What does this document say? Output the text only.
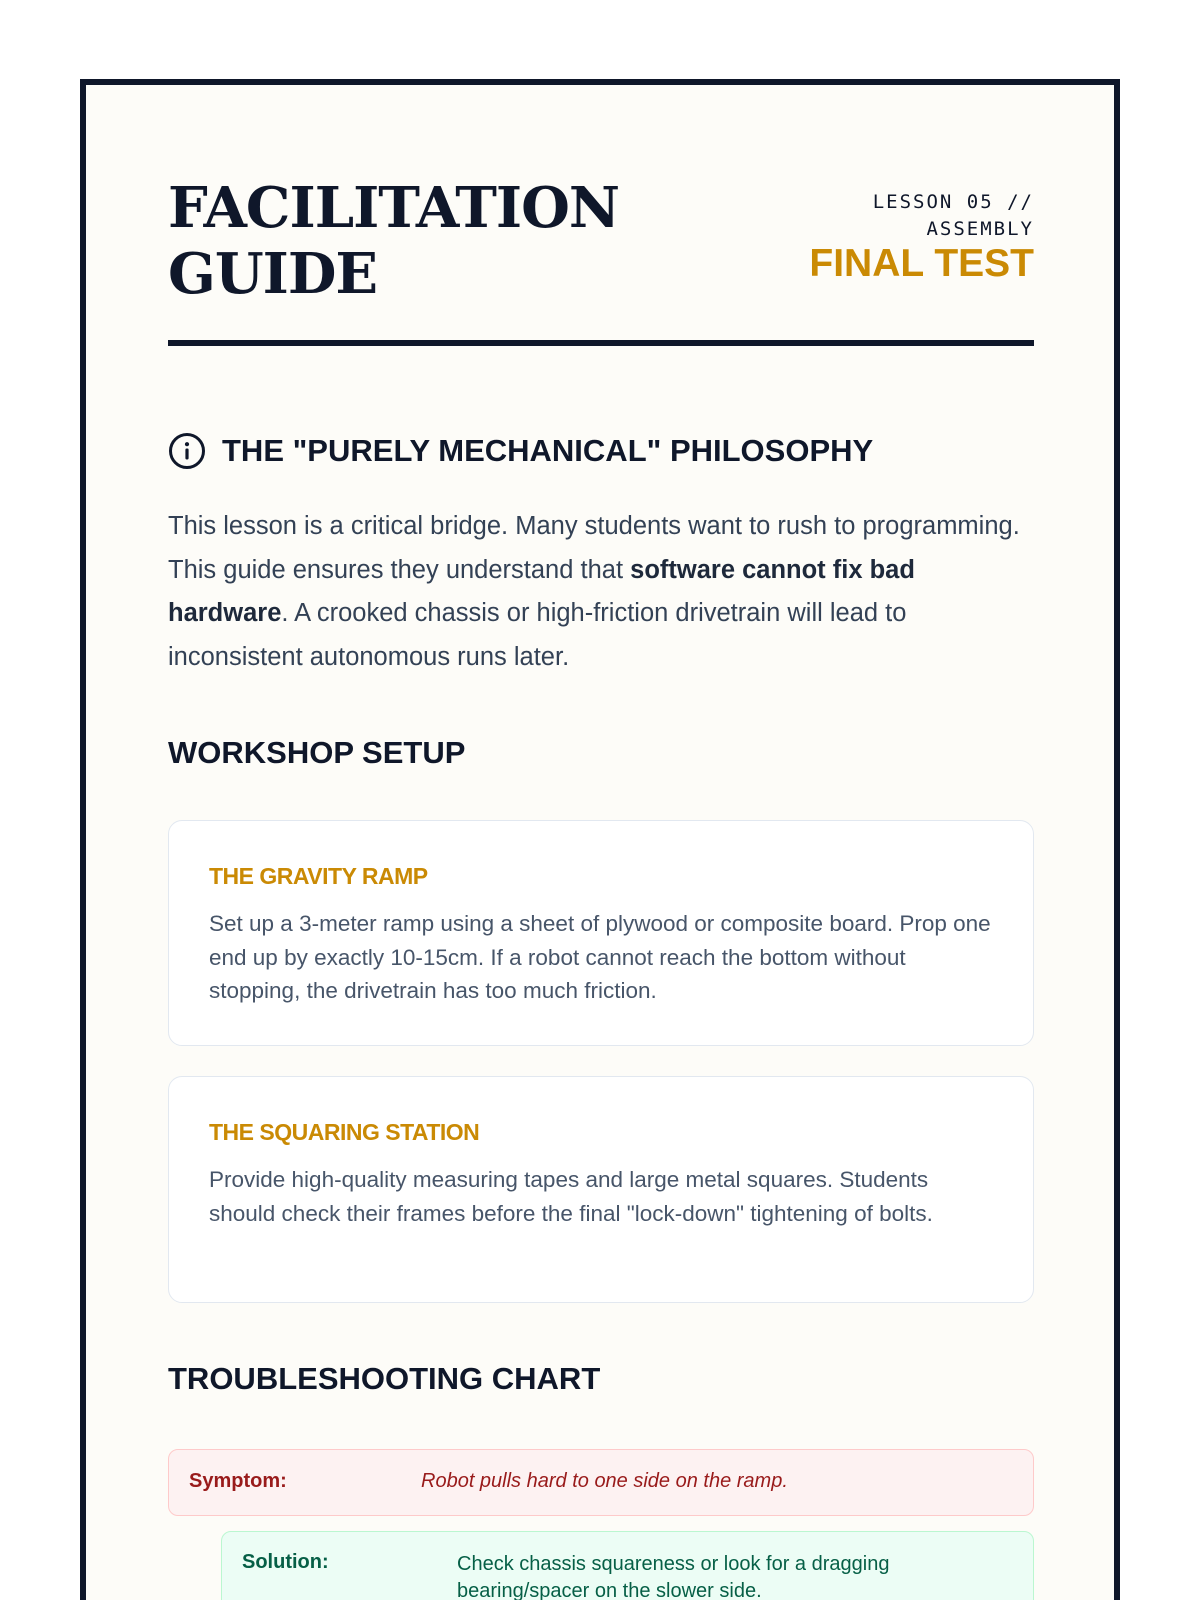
FACILITATION GUIDE
LESSON 05 // ASSEMBLY
FINAL TEST
THE "PURELY MECHANICAL" PHILOSOPHY

This lesson is a critical bridge. Many students want to rush to programming. This guide ensures they understand that software cannot fix bad hardware. A crooked chassis or high-friction drivetrain will lead to inconsistent autonomous runs later.

WORKSHOP SETUP
THE GRAVITY RAMP
Set up a 3-meter ramp using a sheet of plywood or composite board. Prop one end up by exactly 10-15cm. If a robot cannot reach the bottom without stopping, the drivetrain has too much friction.
THE SQUARING STATION
Provide high-quality measuring tapes and large metal squares. Students should check their frames before the final "lock-down" tightening of bolts.
TROUBLESHOOTING CHART
Symptom:	Robot pulls hard to one side on the ramp.
Solution:	Check chassis squareness or look for a dragging bearing/spacer on the slower side.
